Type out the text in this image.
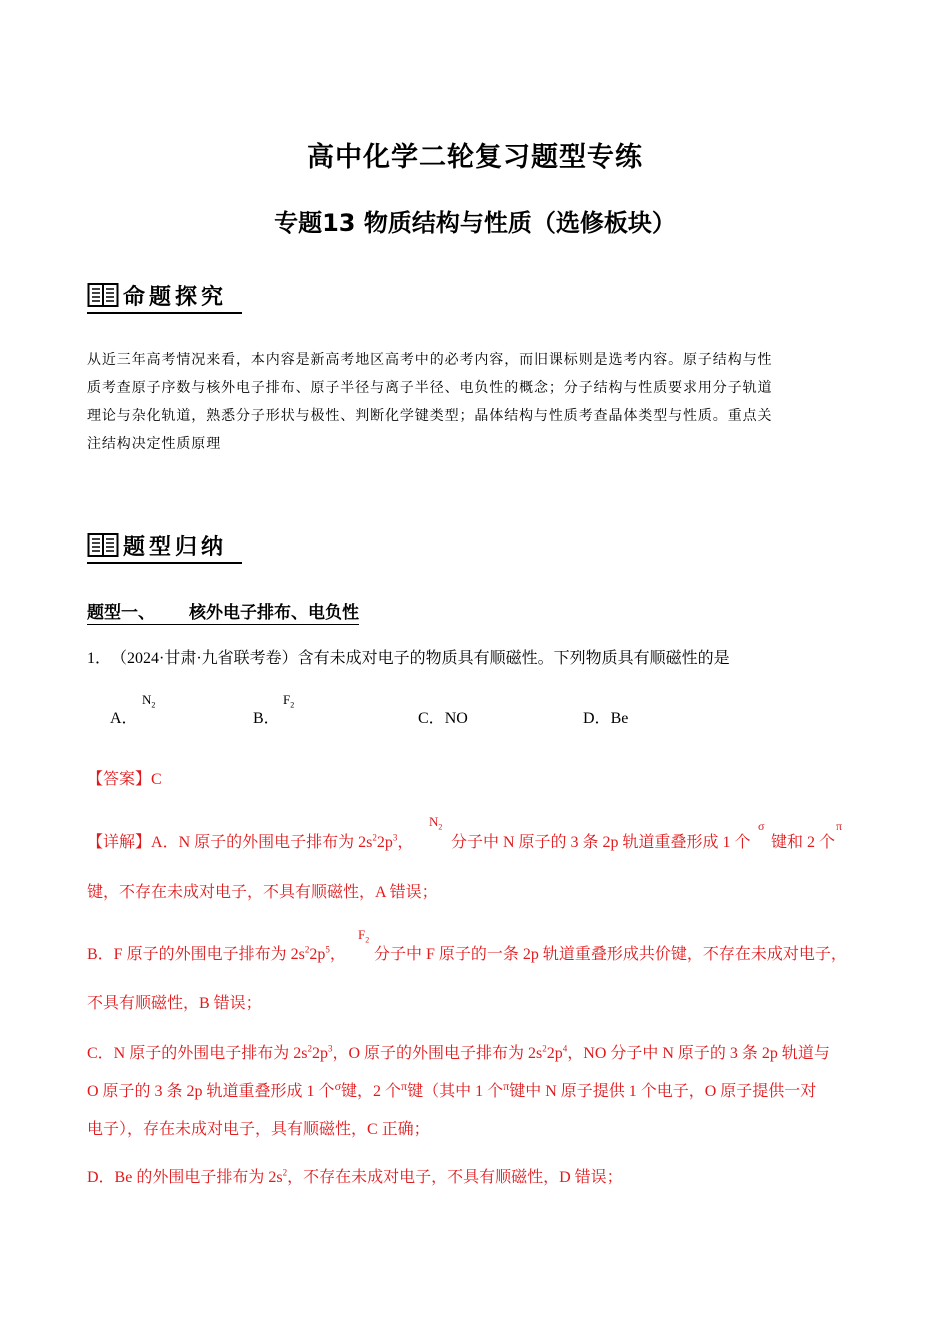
高中化学二轮复习题型专练
专题13 物质结构与性质（选修板块）
命题探究
从近三年高考情况来看，本内容是新高考地区高考中的必考内容，而旧课标则是选考内容。原子结构与性
质考查原子序数与核外电子排布、原子半径与离子半径、电负性的概念；分子结构与性质要求用分子轨道
理论与杂化轨道，熟悉分子形状与极性、判断化学键类型；晶体结构与性质考查晶体类型与性质。重点关
注结构决定性质原理
题型归纳
题型一、 核外电子排布、电负性
1． （2024·甘肃·九省联考卷）含有未成对电子的物质具有顺磁性。下列物质具有顺磁性的是
A．
$N_2$
B．
$F_2$
C．NO	D．Be
【答案】C
【详解】A．N 原子的外围电子排布为 $2s^22p^3$，
$N_2$
分子中 N 原子的 3 条 2p 轨道重叠形成 1 个
σ
键和 2 个
π
键，不存在未成对电子，不具有顺磁性，A 错误；
B．F 原子的外围电子排布为 $2s^22p^5$，
$F_2$
分子中 F 原子的一条 2p 轨道重叠形成共价键，不存在未成对电子，
不具有顺磁性，B 错误；
C．N 原子的外围电子排布为 $2s^22p^3$，O 原子的外围电子排布为 $2s^22p^4$，NO 分子中 N 原子的 3 条 2p 轨道与
O 原子的 3 条 2p 轨道重叠形成 1 个$^\sigma$键，2 个$^\pi$键（其中 1 个$^\pi$键中 N 原子提供 1 个电子，O 原子提供一对
电子），存在未成对电子，具有顺磁性，C 正确；
D．Be 的外围电子排布为 $2s^2$，不存在未成对电子，不具有顺磁性，D 错误；
